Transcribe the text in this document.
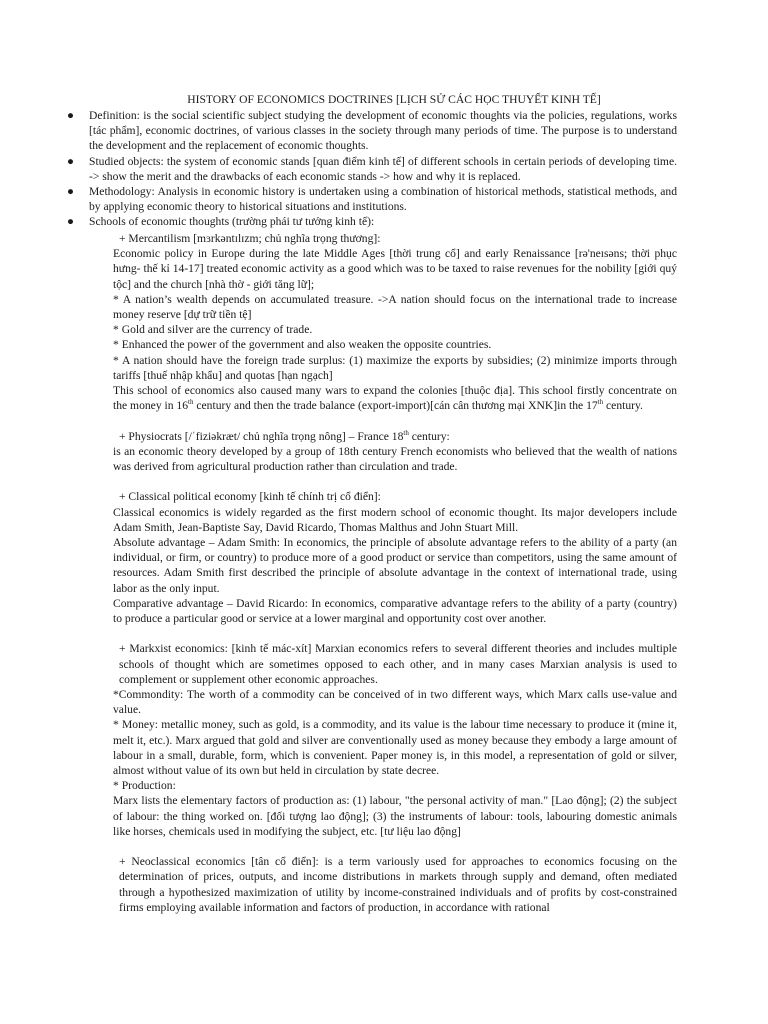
HISTORY OF ECONOMICS DOCTRINES [LỊCH SỬ CÁC HỌC THUYẾT KINH TẾ]
● Definition: is the social scientific subject studying the development of economic thoughts via the policies, regulations, works [tác phẩm], economic doctrines, of various classes in the society through many periods of time. The purpose is to understand the development and the replacement of economic thoughts.
● Studied objects: the system of economic stands [quan điểm kinh tế] of different schools in certain periods of developing time. -> show the merit and the drawbacks of each economic stands -> how and why it is replaced.
● Methodology: Analysis in economic history is undertaken using a combination of historical methods, statistical methods, and by applying economic theory to historical situations and institutions.
● Schools of economic thoughts (trường phái tư tưởng kinh tế):

+ Mercantilism [mɜrkəntɪlɪzm; chủ nghĩa trọng thương]:

Economic policy in Europe during the late Middle Ages [thời trung cổ] and early Renaissance [rə'neɪsəns; thời phục hưng- thế kỉ 14-17] treated economic activity as a good which was to be taxed to raise revenues for the nobility [giới quý tộc] and the church [nhà thờ - giới tăng lữ];

* A nation’s wealth depends on accumulated treasure. ->A nation should focus on the international trade to increase money reserve [dự trữ tiền tệ]

* Gold and silver are the currency of trade.

* Enhanced the power of the government and also weaken the opposite countries.

* A nation should have the foreign trade surplus: (1) maximize the exports by subsidies; (2) minimize imports through tariffs [thuế nhập khẩu] and quotas [hạn ngạch]

This school of economics also caused many wars to expand the colonies [thuộc địa]. This school firstly concentrate on the money in 16th century and then the trade balance (export-import)[cán cân thương mại XNK]in the 17th century.

+ Physiocrats [/ˈfiziəkræt/ chủ nghĩa trọng nông] – France 18th century:

is an economic theory developed by a group of 18th century French economists who believed that the wealth of nations was derived from agricultural production rather than circulation and trade.

+ Classical political economy [kinh tế chính trị cổ điển]:

Classical economics is widely regarded as the first modern school of economic thought. Its major developers include Adam Smith, Jean-Baptiste Say, David Ricardo, Thomas Malthus and John Stuart Mill.

Absolute advantage – Adam Smith: In economics, the principle of absolute advantage refers to the ability of a party (an individual, or firm, or country) to produce more of a good product or service than competitors, using the same amount of resources. Adam Smith first described the principle of absolute advantage in the context of international trade, using labor as the only input.

Comparative advantage – David Ricardo: In economics, comparative advantage refers to the ability of a party (country) to produce a particular good or service at a lower marginal and opportunity cost over another.

+ Markxist economics: [kinh tế mác-xít] Marxian economics refers to several different theories and includes multiple schools of thought which are sometimes opposed to each other, and in many cases Marxian analysis is used to complement or supplement other economic approaches.

*Commondity: The worth of a commodity can be conceived of in two different ways, which Marx calls use-value and value.

* Money: metallic money, such as gold, is a commodity, and its value is the labour time necessary to produce it (mine it, melt it, etc.). Marx argued that gold and silver are conventionally used as money because they embody a large amount of labour in a small, durable, form, which is convenient. Paper money is, in this model, a representation of gold or silver, almost without value of its own but held in circulation by state decree.

* Production:

Marx lists the elementary factors of production as: (1) labour, "the personal activity of man." [Lao động]; (2) the subject of labour: the thing worked on. [đối tượng lao động]; (3) the instruments of labour: tools, labouring domestic animals like horses, chemicals used in modifying the subject, etc. [tư liệu lao động]

+ Neoclassical economics [tân cổ điển]: is a term variously used for approaches to economics focusing on the determination of prices, outputs, and income distributions in markets through supply and demand, often mediated through a hypothesized maximization of utility by income-constrained individuals and of profits by cost-constrained firms employing available information and factors of production, in accordance with rational
